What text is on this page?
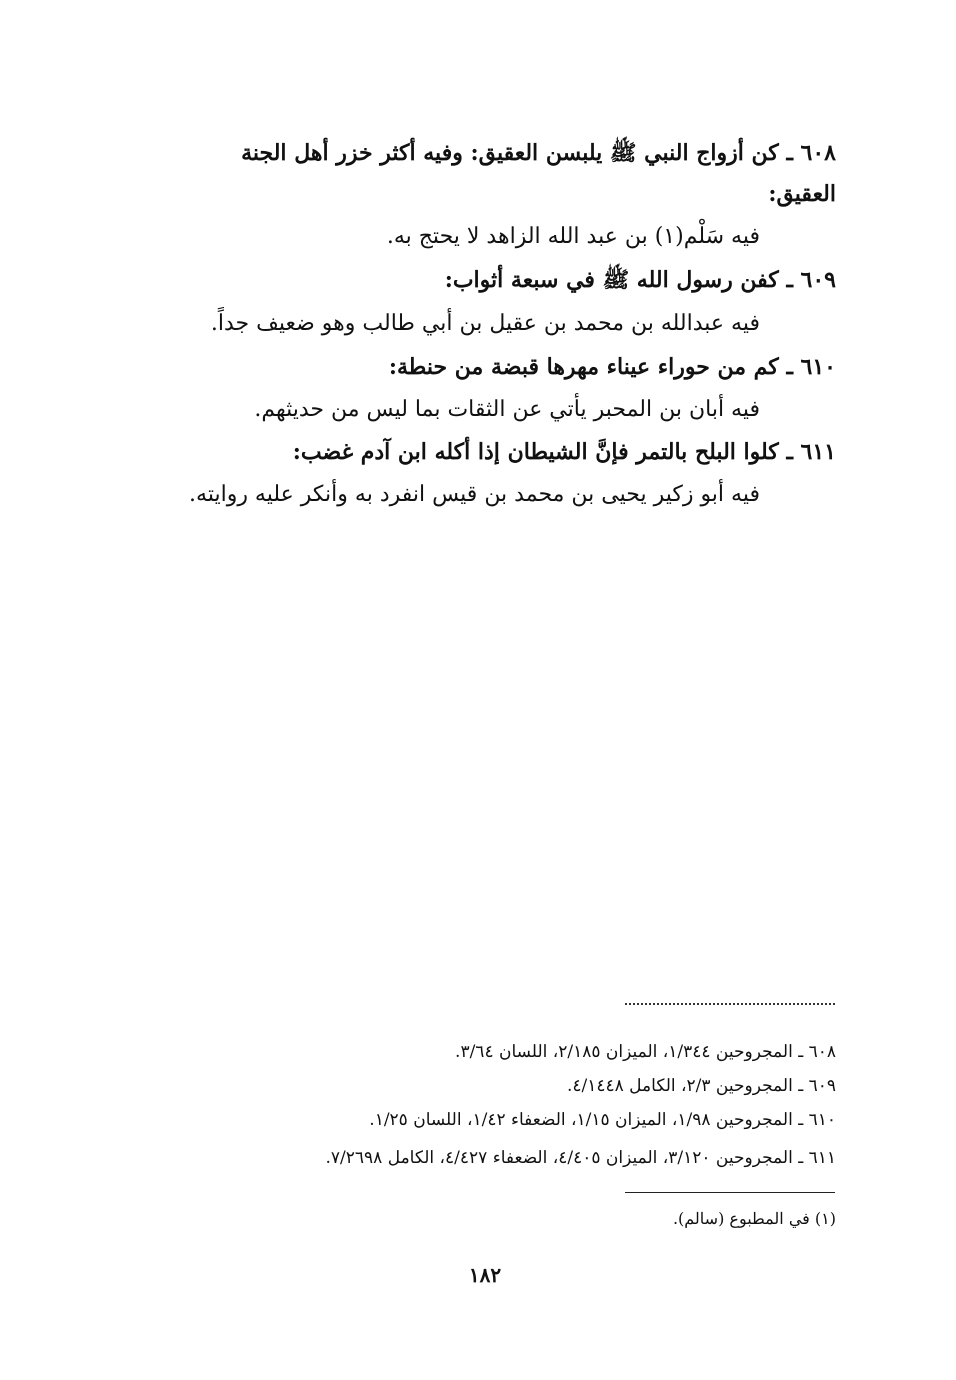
٦٠٨ ـ كن أزواج النبي ﷺ يلبسن العقيق: وفيه أكثر خزر أهل الجنة
العقيق:
فيه سَلْم(١) بن عبد الله الزاهد لا يحتج به.
٦٠٩ ـ كفن رسول الله ﷺ في سبعة أثواب:
فيه عبدالله بن محمد بن عقيل بن أبي طالب وهو ضعيف جداً.
٦١٠ ـ كم من حوراء عيناء مهرها قبضة من حنطة:
فيه أبان بن المحبر يأتي عن الثقات بما ليس من حديثهم.
٦١١ ـ كلوا البلح بالتمر فإنَّ الشيطان إذا أكله ابن آدم غضب:
فيه أبو زكير يحيى بن محمد بن قيس انفرد به وأنكر عليه روايته.
٦٠٨ ـ المجروحين ١/٣٤٤، الميزان ٢/١٨٥، اللسان ٣/٦٤.
٦٠٩ ـ المجروحين ٢/٣، الكامل ٤/١٤٤٨.
٦١٠ ـ المجروحين ١/٩٨، الميزان ١/١٥، الضعفاء ١/٤٢، اللسان ١/٢٥.
٦١١ ـ المجروحين ٣/١٢٠، الميزان ٤/٤٠٥، الضعفاء ٤/٤٢٧، الكامل ٧/٢٦٩٨.
(١) في المطبوع (سالم).
١٨٢
